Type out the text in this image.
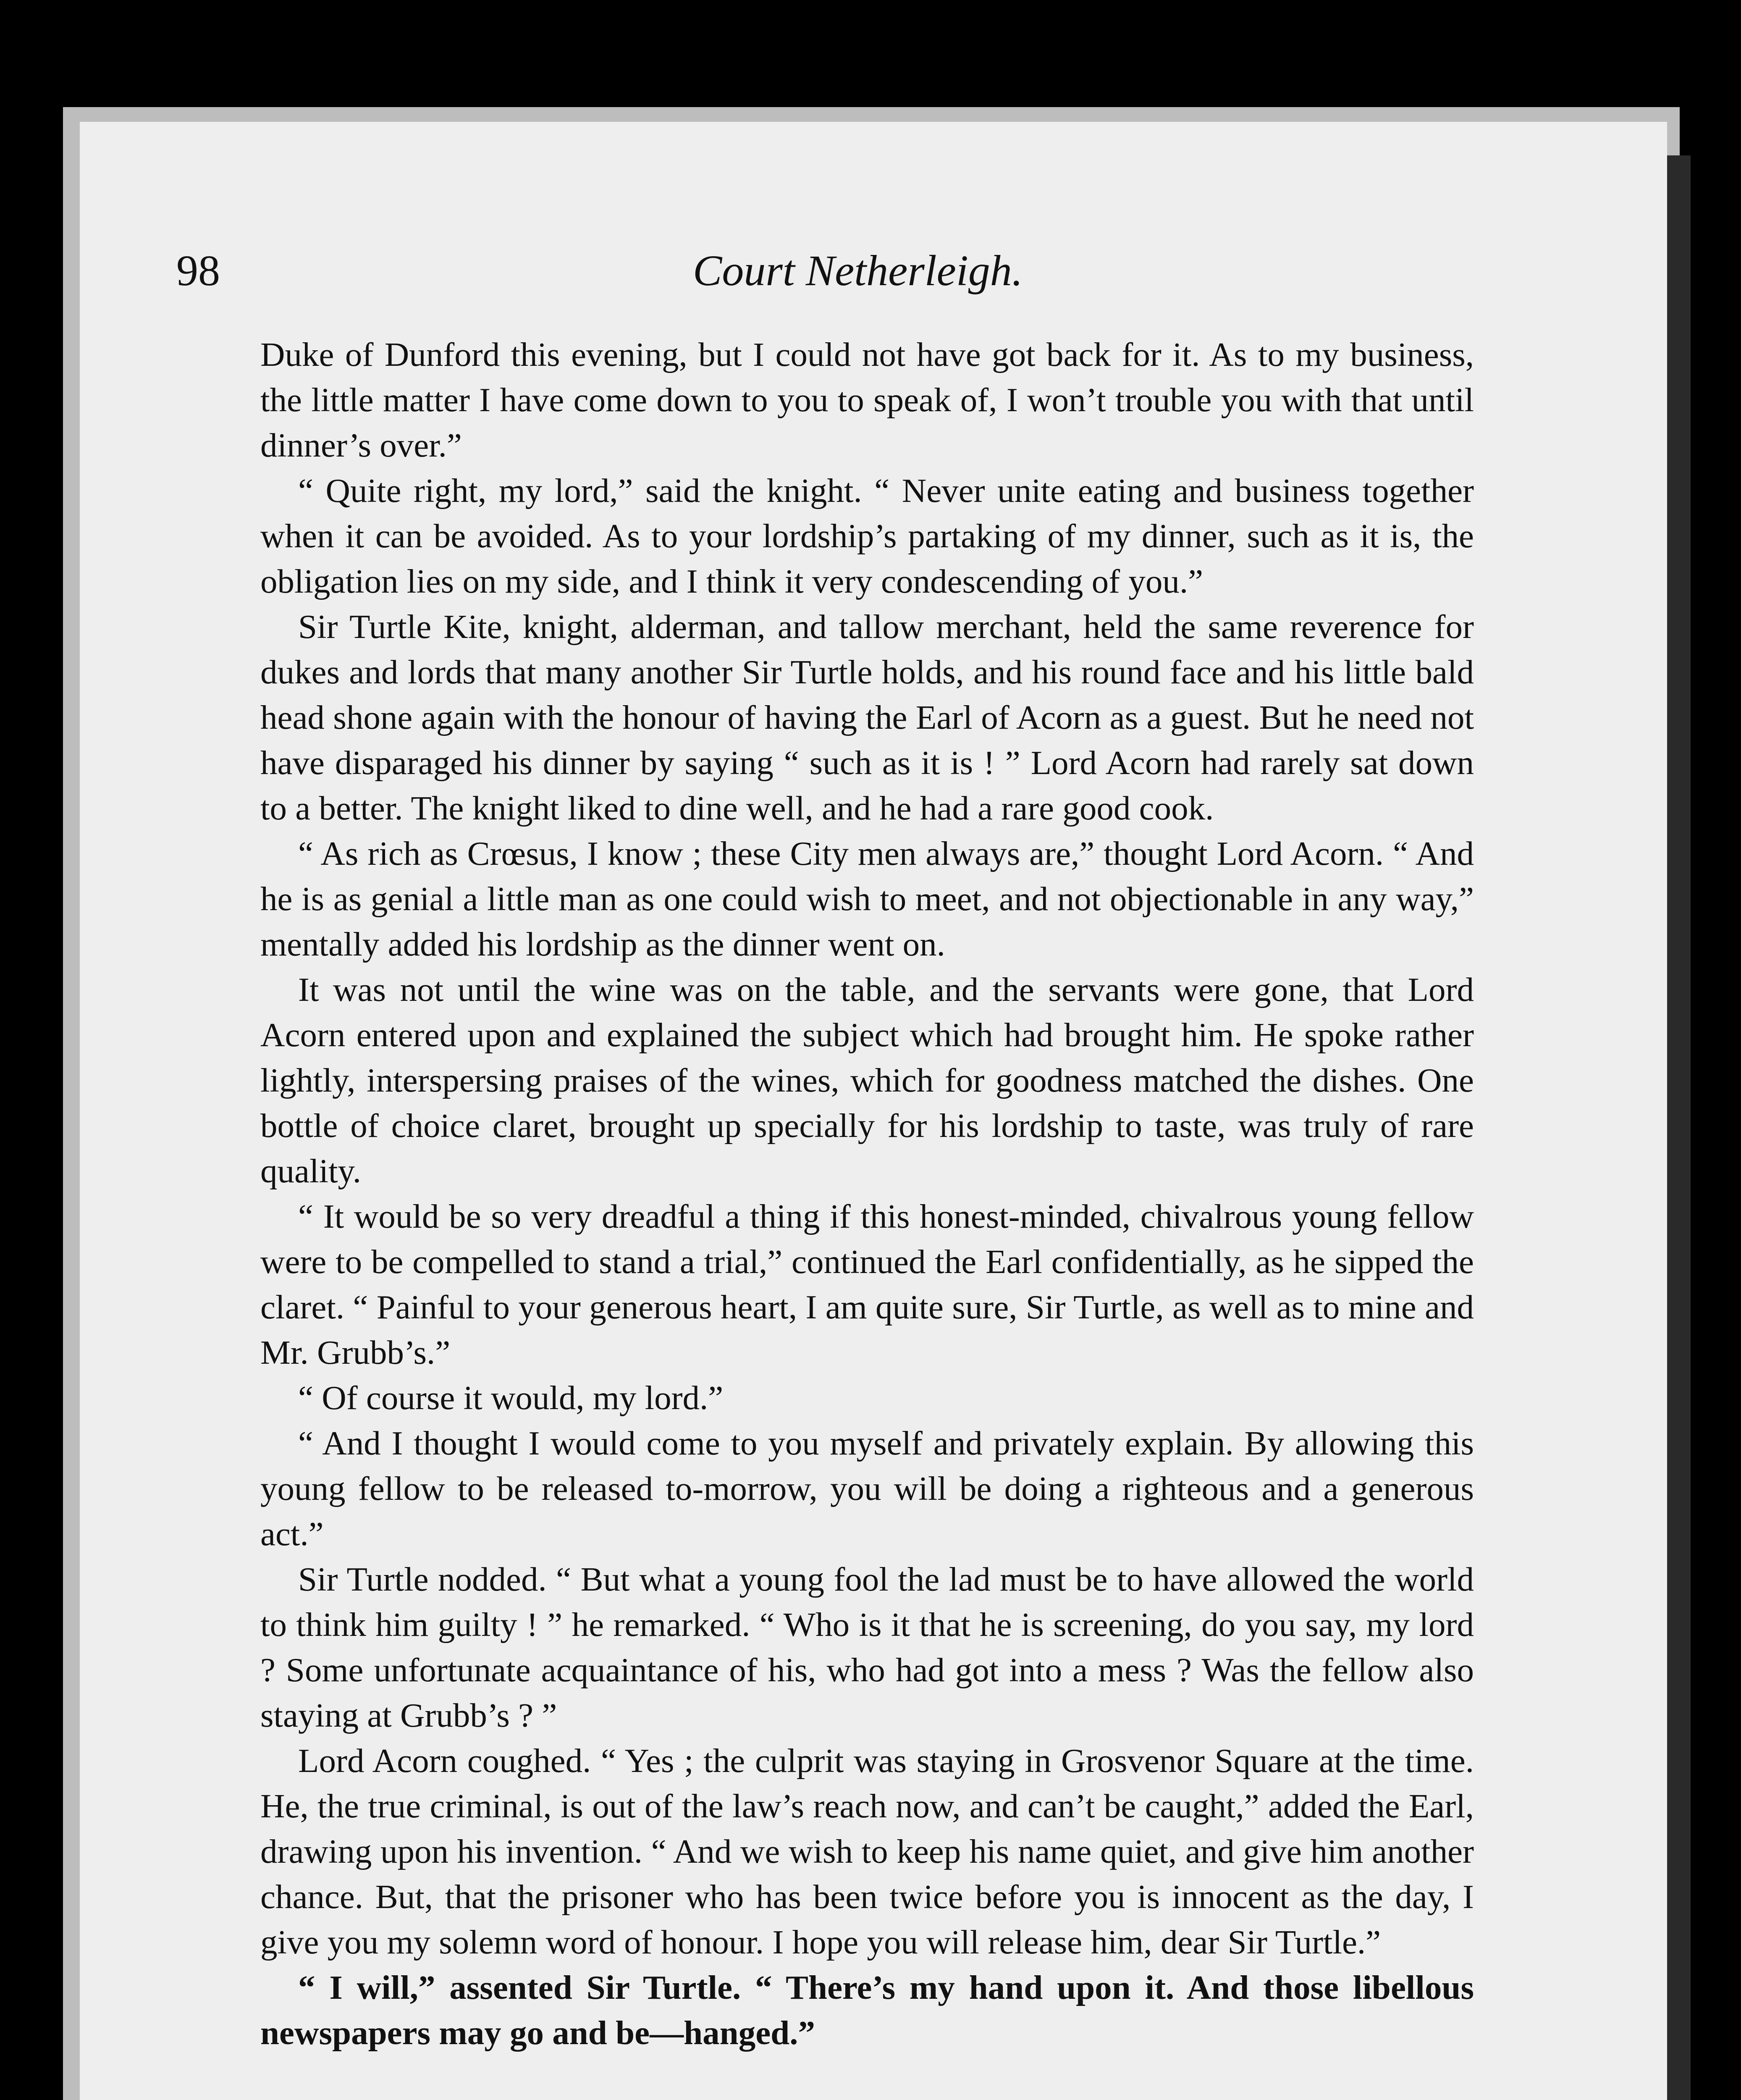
98	Court Netherleigh.

Duke of Dunford this evening, but I could not have got back for it. As to my business, the little matter I have come down to you to speak of, I won’t trouble you with that until dinner’s over.”

“ Quite right, my lord,” said the knight. “ Never unite eating and business together when it can be avoided. As to your lordship’s partaking of my dinner, such as it is, the obligation lies on my side, and I think it very condescending of you.”

Sir Turtle Kite, knight, alderman, and tallow merchant, held the same reverence for dukes and lords that many another Sir Turtle holds, and his round face and his little bald head shone again with the honour of having the Earl of Acorn as a guest. But he need not have disparaged his dinner by saying “ such as it is ! ” Lord Acorn had rarely sat down to a better. The knight liked to dine well, and he had a rare good cook.

“ As rich as Crœsus, I know ; these City men always are,” thought Lord Acorn. “ And he is as genial a little man as one could wish to meet, and not objectionable in any way,” mentally added his lordship as the dinner went on.

It was not until the wine was on the table, and the servants were gone, that Lord Acorn entered upon and explained the subject which had brought him. He spoke rather lightly, interspersing praises of the wines, which for goodness matched the dishes. One bottle of choice claret, brought up specially for his lordship to taste, was truly of rare quality.

“ It would be so very dreadful a thing if this honest-minded, chivalrous young fellow were to be compelled to stand a trial,” continued the Earl confidentially, as he sipped the claret. “ Painful to your generous heart, I am quite sure, Sir Turtle, as well as to mine and Mr. Grubb’s.”

“ Of course it would, my lord.”

“ And I thought I would come to you myself and privately explain. By allowing this young fellow to be released to-morrow, you will be doing a righteous and a generous act.”

Sir Turtle nodded. “ But what a young fool the lad must be to have allowed the world to think him guilty ! ” he remarked. “ Who is it that he is screening, do you say, my lord ? Some unfortunate acquaintance of his, who had got into a mess ? Was the fellow also staying at Grubb’s ? ”

Lord Acorn coughed. “ Yes ; the culprit was staying in Grosvenor Square at the time. He, the true criminal, is out of the law’s reach now, and can’t be caught,” added the Earl, drawing upon his invention. “ And we wish to keep his name quiet, and give him another chance. But, that the prisoner who has been twice before you is innocent as the day, I give you my solemn word of honour. I hope you will release him, dear Sir Turtle.”

“ I will,” assented Sir Turtle. “ There’s my hand upon it. And those libellous newspapers may go and be—hanged.”
